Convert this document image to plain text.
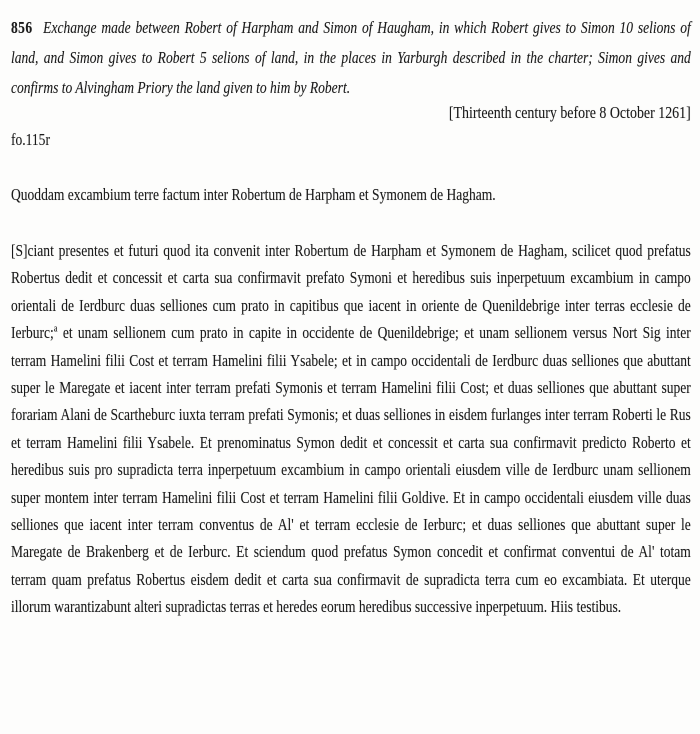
856 Exchange made between Robert of Harpham and Simon of Haugham, in which Robert gives to Simon 10 selions of land, and Simon gives to Robert 5 selions of land, in the places in Yarburgh described in the charter; Simon gives and confirms to Alvingham Priory the land given to him by Robert.

[Thirteenth century before 8 October 1261]

fo.115r

Quoddam excambium terre factum inter Robertum de Harpham et Symonem de Hagham.

[S]ciant presentes et futuri quod ita convenit inter Robertum de Harpham et Symonem de Hagham, scilicet quod prefatus Robertus dedit et concessit et carta sua confirmavit prefato Symoni et heredibus suis inperpetuum excambium in campo orientali de Ierdburc duas selliones cum prato in capitibus que iacent in oriente de Quenildebrige inter terras ecclesie de Ierburc;$^a$ et unam sellionem cum prato in capite in occidente de Quenildebrige; et unam sellionem versus Nort Sig inter terram Hamelini filii Cost et terram Hamelini filii Ysabele; et in campo occidentali de Ierdburc duas selliones que abuttant super le Maregate et iacent inter terram prefati Symonis et terram Hamelini filii Cost; et duas selliones que abuttant super forariam Alani de Scartheburc iuxta terram prefati Symonis; et duas selliones in eisdem furlanges inter terram Roberti le Rus et terram Hamelini filii Ysabele. Et prenominatus Symon dedit et concessit et carta sua confirmavit predicto Roberto et heredibus suis pro supradicta terra inperpetuum excambium in campo orientali eiusdem ville de Ierdburc unam sellionem super montem inter terram Hamelini filii Cost et terram Hamelini filii Goldive. Et in campo occidentali eiusdem ville duas selliones que iacent inter terram conventus de Al' et terram ecclesie de Ierburc; et duas selliones que abuttant super le Maregate de Brakenberg et de Ierburc. Et sciendum quod prefatus Symon concedit et confirmat conventui de Al' totam terram quam prefatus Robertus eisdem dedit et carta sua confirmavit de supradicta terra cum eo excambiata. Et uterque illorum warantizabunt alteri supradictas terras et heredes eorum heredibus successive inperpetuum. Hiis testibus.
